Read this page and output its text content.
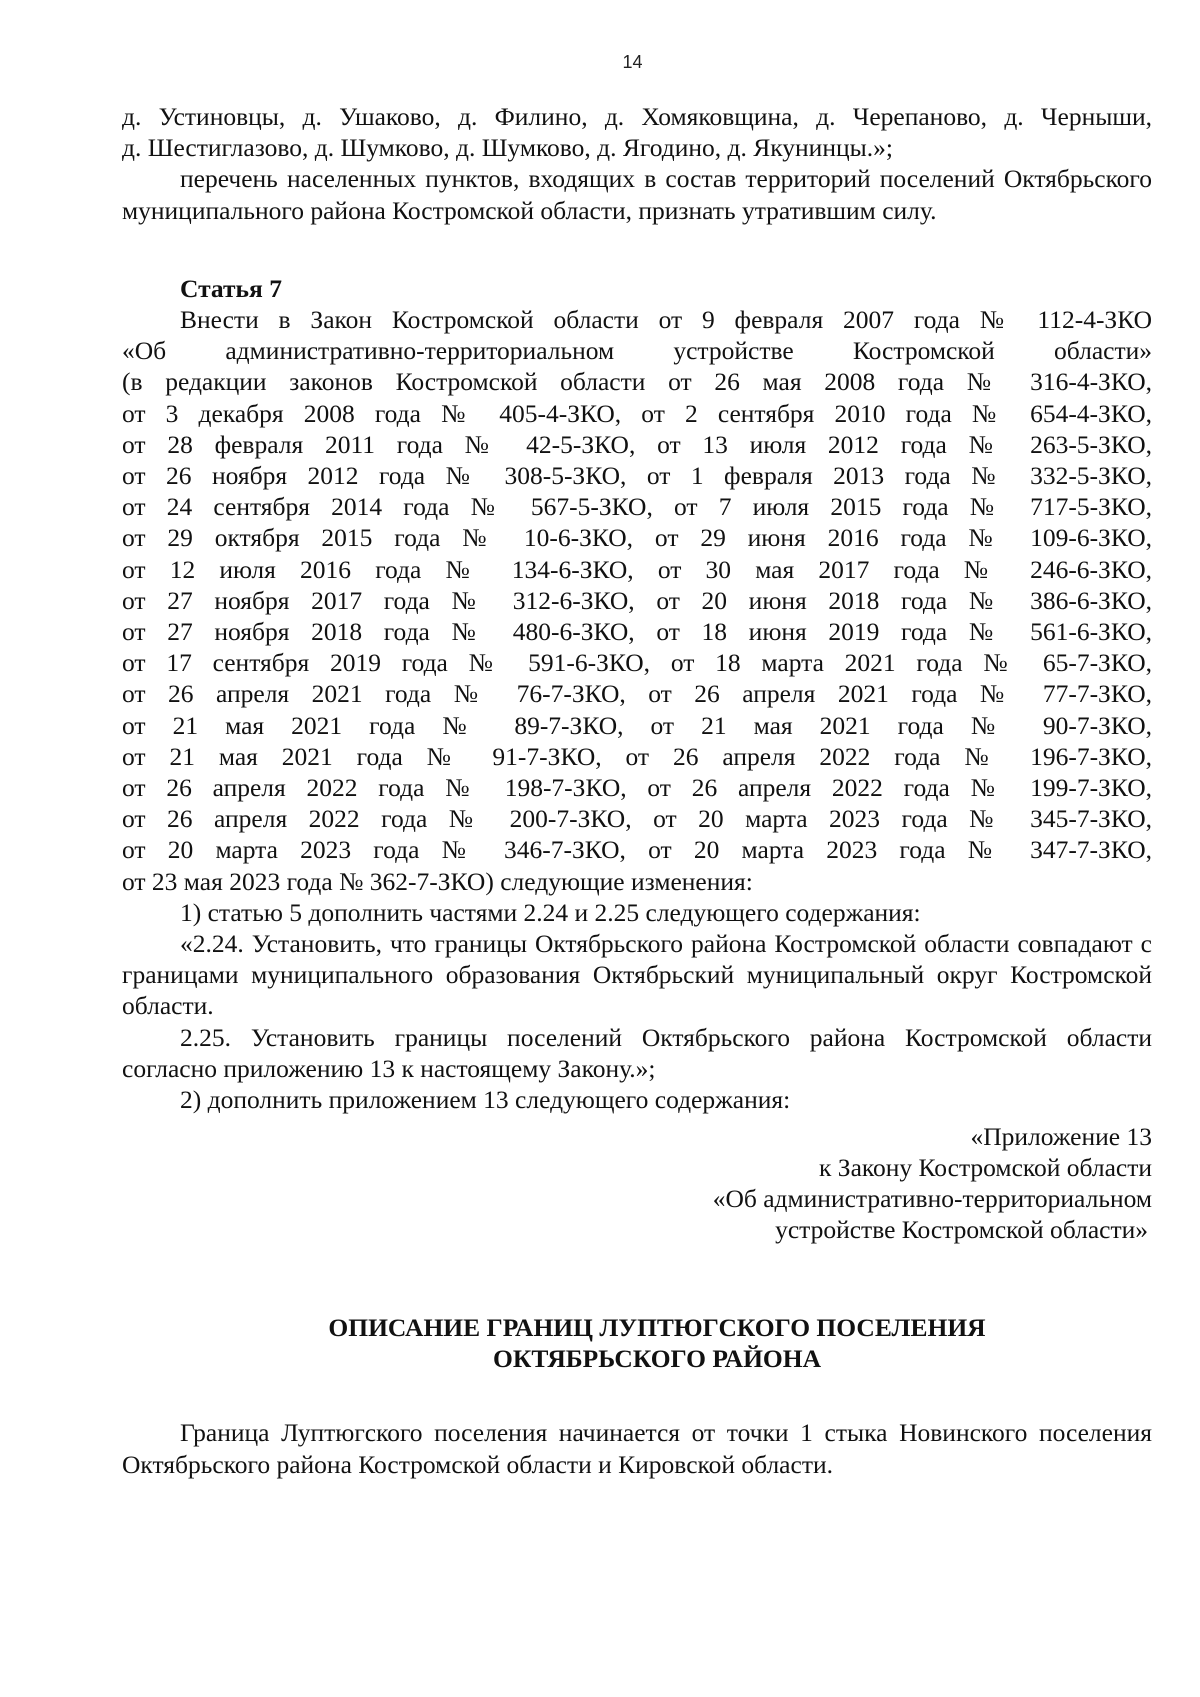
14
д. Устиновцы, д. Ушаково, д. Филино, д. Хомяковщина, д. Черепаново, д. Черныши,
д. Шестиглазово, д. Шумково, д. Шумково, д. Ягодино, д. Якунинцы.»;

перечень населенных пунктов, входящих в состав территорий поселений Октябрьского муниципального района Костромской области, признать утратившим силу.

Статья 7
Внести в Закон Костромской области от 9 февраля 2007 года № 112-4-ЗКО
«Об административно-территориальном устройстве Костромской области»
(в редакции законов Костромской области от 26 мая 2008 года № 316-4-ЗКО,
от 3 декабря 2008 года № 405-4-ЗКО, от 2 сентября 2010 года № 654-4-ЗКО,
от 28 февраля 2011 года № 42-5-ЗКО, от 13 июля 2012 года № 263-5-ЗКО,
от 26 ноября 2012 года № 308-5-ЗКО, от 1 февраля 2013 года № 332-5-ЗКО,
от 24 сентября 2014 года № 567-5-ЗКО, от 7 июля 2015 года № 717-5-ЗКО,
от 29 октября 2015 года № 10-6-ЗКО, от 29 июня 2016 года № 109-6-ЗКО,
от 12 июля 2016 года № 134-6-ЗКО, от 30 мая 2017 года № 246-6-ЗКО,
от 27 ноября 2017 года № 312-6-ЗКО, от 20 июня 2018 года № 386-6-ЗКО,
от 27 ноября 2018 года № 480-6-ЗКО, от 18 июня 2019 года № 561-6-ЗКО,
от 17 сентября 2019 года № 591-6-ЗКО, от 18 марта 2021 года № 65-7-ЗКО,
от 26 апреля 2021 года № 76-7-ЗКО, от 26 апреля 2021 года № 77-7-ЗКО,
от 21 мая 2021 года № 89-7-ЗКО, от 21 мая 2021 года № 90-7-ЗКО,
от 21 мая 2021 года № 91-7-ЗКО, от 26 апреля 2022 года № 196-7-ЗКО,
от 26 апреля 2022 года № 198-7-ЗКО, от 26 апреля 2022 года № 199-7-ЗКО,
от 26 апреля 2022 года № 200-7-ЗКО, от 20 марта 2023 года № 345-7-ЗКО,
от 20 марта 2023 года № 346-7-ЗКО, от 20 марта 2023 года № 347-7-ЗКО,
от 23 мая 2023 года № 362-7-ЗКО) следующие изменения:

1) статью 5 дополнить частями 2.24 и 2.25 следующего содержания:

«2.24. Установить, что границы Октябрьского района Костромской области совпадают с границами муниципального образования Октябрьский муниципальный округ Костромской области.

2.25. Установить границы поселений Октябрьского района Костромской области согласно приложению 13 к настоящему Закону.»;

2) дополнить приложением 13 следующего содержания:

«Приложение 13
к Закону Костромской области
«Об административно-территориальном
устройстве Костромской области»
ОПИСАНИЕ ГРАНИЦ ЛУПТЮГСКОГО ПОСЕЛЕНИЯ
ОКТЯБРЬСКОГО РАЙОНА

Граница Луптюгского поселения начинается от точки 1 стыка Новинского поселения Октябрьского района Костромской области и Кировской области.
